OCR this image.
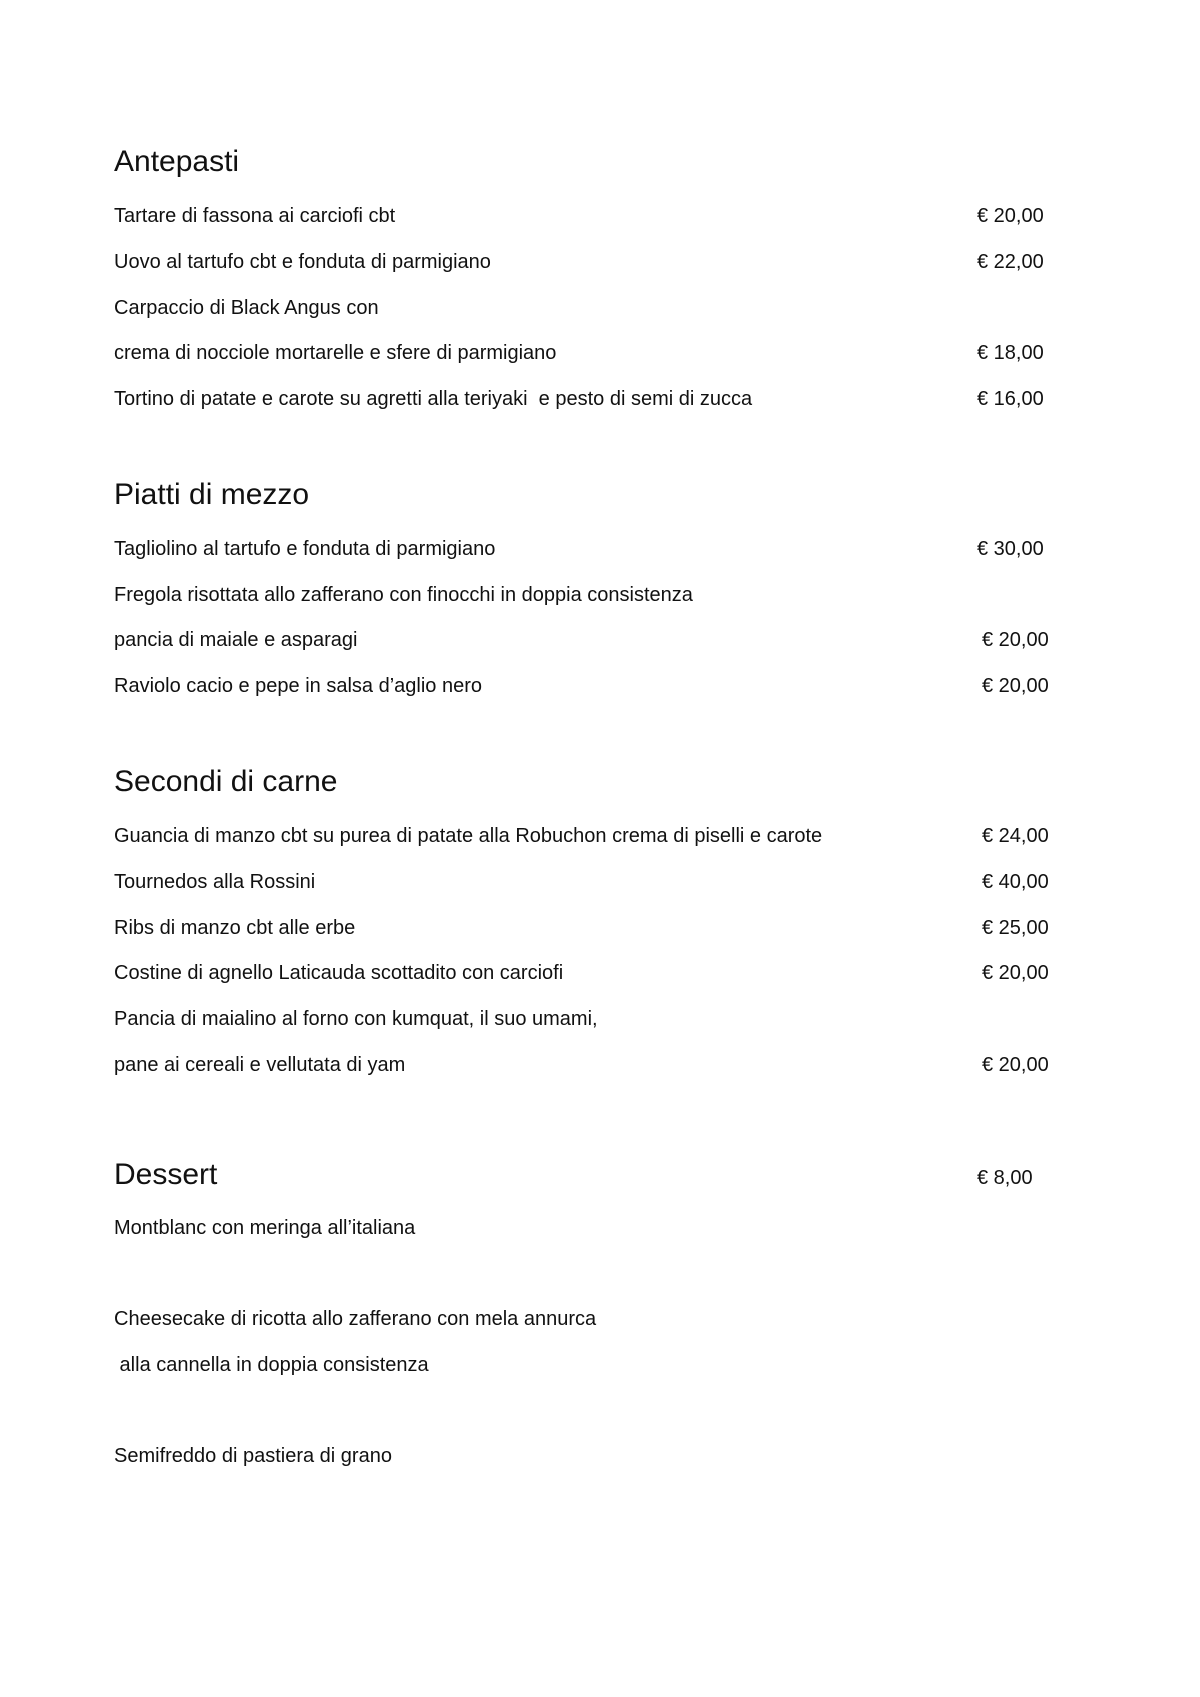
Antepasti
Tartare di fassona ai carciofi cbt	€ 20,00
Uovo al tartufo cbt e fonduta di parmigiano	€ 22,00
Carpaccio di Black Angus con
crema di nocciole mortarelle e sfere di parmigiano	€ 18,00
Tortino di patate e carote su agretti alla teriyaki  e pesto di semi di zucca	€ 16,00
Piatti di mezzo
Tagliolino al tartufo e fonduta di parmigiano	€ 30,00
Fregola risottata allo zafferano con finocchi in doppia consistenza
pancia di maiale e asparagi	€ 20,00
Raviolo cacio e pepe in salsa d’aglio nero	€ 20,00
Secondi di carne
Guancia di manzo cbt su purea di patate alla Robuchon crema di piselli e carote	€ 24,00
Tournedos alla Rossini	€ 40,00
Ribs di manzo cbt alle erbe	€ 25,00
Costine di agnello Laticauda scottadito con carciofi	€ 20,00
Pancia di maialino al forno con kumquat, il suo umami,
pane ai cereali e vellutata di yam	€ 20,00
Dessert	€ 8,00
Montblanc con meringa all’italiana
Cheesecake di ricotta allo zafferano con mela annurca
alla cannella in doppia consistenza
Semifreddo di pastiera di grano
